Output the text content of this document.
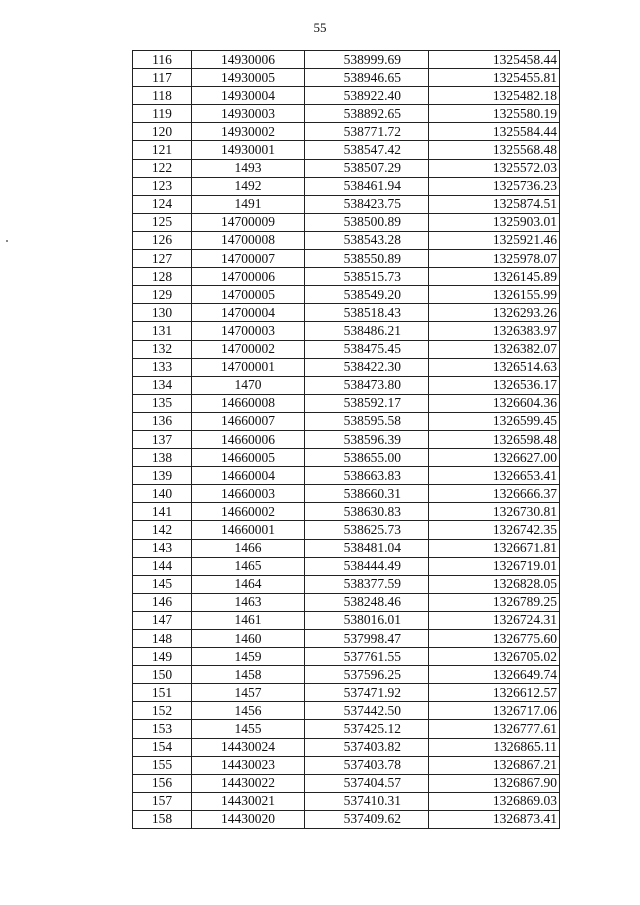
55
116	14930006	538999.69	1325458.44
117	14930005	538946.65	1325455.81
118	14930004	538922.40	1325482.18
119	14930003	538892.65	1325580.19
120	14930002	538771.72	1325584.44
121	14930001	538547.42	1325568.48
122	1493	538507.29	1325572.03
123	1492	538461.94	1325736.23
124	1491	538423.75	1325874.51
125	14700009	538500.89	1325903.01
126	14700008	538543.28	1325921.46
127	14700007	538550.89	1325978.07
128	14700006	538515.73	1326145.89
129	14700005	538549.20	1326155.99
130	14700004	538518.43	1326293.26
131	14700003	538486.21	1326383.97
132	14700002	538475.45	1326382.07
133	14700001	538422.30	1326514.63
134	1470	538473.80	1326536.17
135	14660008	538592.17	1326604.36
136	14660007	538595.58	1326599.45
137	14660006	538596.39	1326598.48
138	14660005	538655.00	1326627.00
139	14660004	538663.83	1326653.41
140	14660003	538660.31	1326666.37
141	14660002	538630.83	1326730.81
142	14660001	538625.73	1326742.35
143	1466	538481.04	1326671.81
144	1465	538444.49	1326719.01
145	1464	538377.59	1326828.05
146	1463	538248.46	1326789.25
147	1461	538016.01	1326724.31
148	1460	537998.47	1326775.60
149	1459	537761.55	1326705.02
150	1458	537596.25	1326649.74
151	1457	537471.92	1326612.57
152	1456	537442.50	1326717.06
153	1455	537425.12	1326777.61
154	14430024	537403.82	1326865.11
155	14430023	537403.78	1326867.21
156	14430022	537404.57	1326867.90
157	14430021	537410.31	1326869.03
158	14430020	537409.62	1326873.41
